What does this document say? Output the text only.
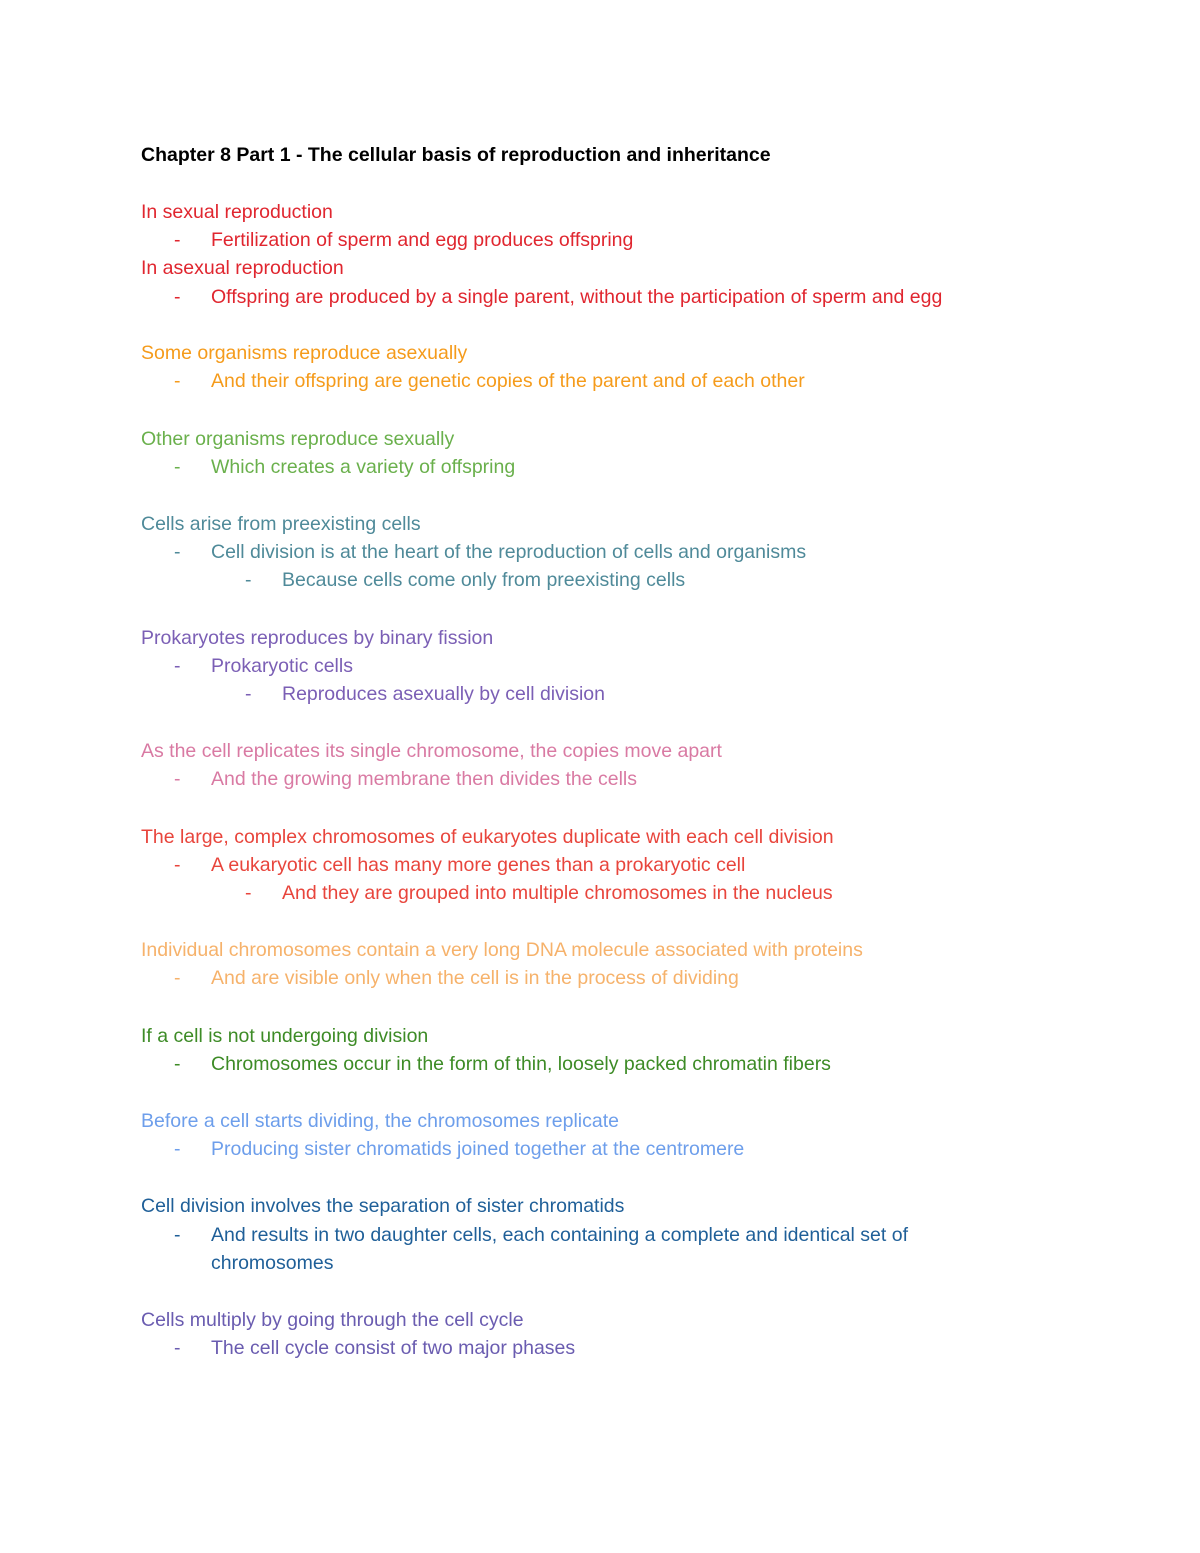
Chapter 8 Part 1 - The cellular basis of reproduction and inheritance
In sexual reproduction
- Fertilization of sperm and egg produces offspring
In asexual reproduction
- Offspring are produced by a single parent, without the participation of sperm and egg
Some organisms reproduce asexually
- And their offspring are genetic copies of the parent and of each other
Other organisms reproduce sexually
- Which creates a variety of offspring
Cells arise from preexisting cells
- Cell division is at the heart of the reproduction of cells and organisms
- Because cells come only from preexisting cells
Prokaryotes reproduces by binary fission
- Prokaryotic cells
- Reproduces asexually by cell division
As the cell replicates its single chromosome, the copies move apart
- And the growing membrane then divides the cells
The large, complex chromosomes of eukaryotes duplicate with each cell division
- A eukaryotic cell has many more genes than a prokaryotic cell
- And they are grouped into multiple chromosomes in the nucleus
Individual chromosomes contain a very long DNA molecule associated with proteins
- And are visible only when the cell is in the process of dividing
If a cell is not undergoing division
- Chromosomes occur in the form of thin, loosely packed chromatin fibers
Before a cell starts dividing, the chromosomes replicate
- Producing sister chromatids joined together at the centromere
Cell division involves the separation of sister chromatids
- And results in two daughter cells, each containing a complete and identical set of
chromosomes
Cells multiply by going through the cell cycle
- The cell cycle consist of two major phases
